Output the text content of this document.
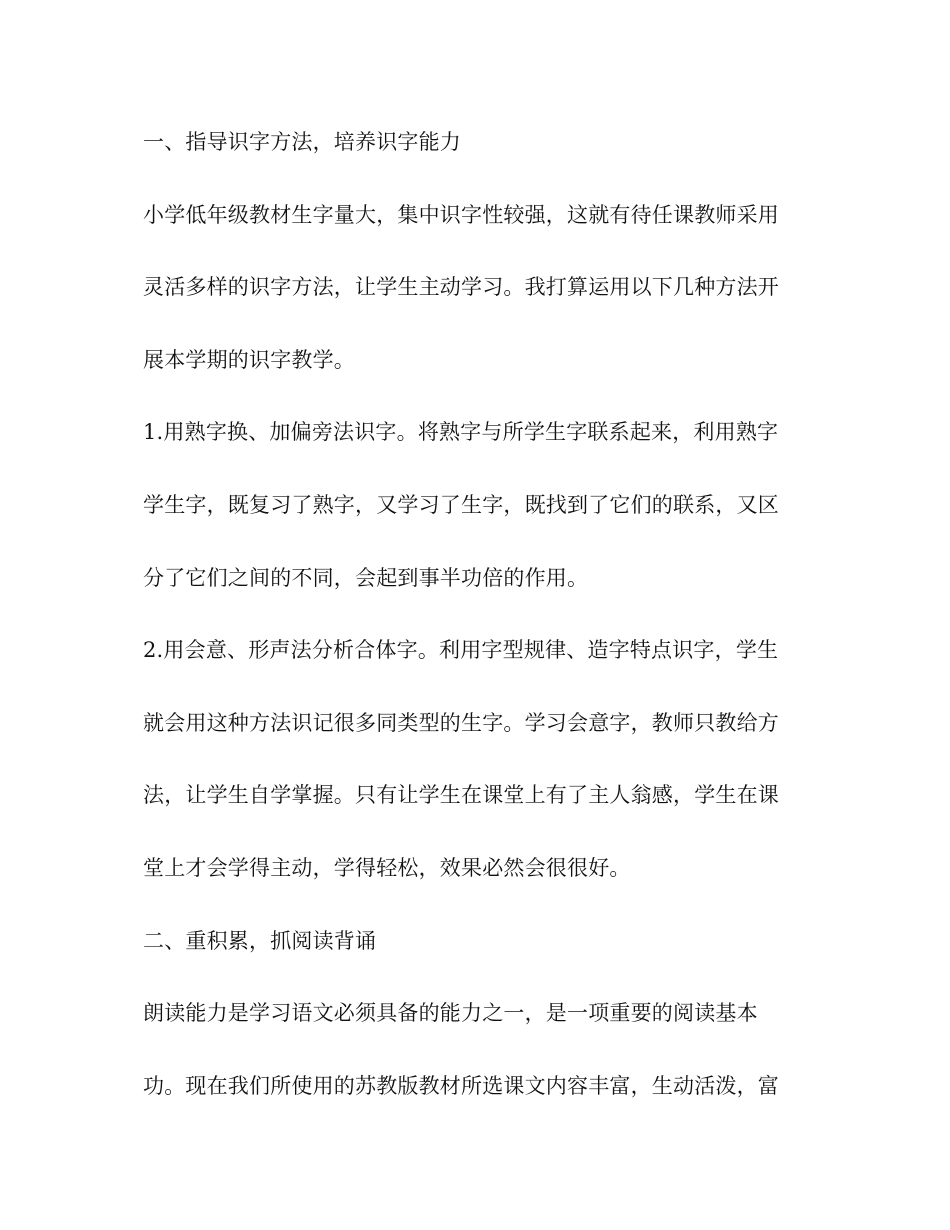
一、指导识字方法，培养识字能力

小学低年级教材生字量大，集中识字性较强，这就有待任课教师采用

灵活多样的识字方法，让学生主动学习。我打算运用以下几种方法开

展本学期的识字教学。

1.用熟字换、加偏旁法识字。将熟字与所学生字联系起来，利用熟字

学生字，既复习了熟字，又学习了生字，既找到了它们的联系，又区

分了它们之间的不同，会起到事半功倍的作用。

2.用会意、形声法分析合体字。利用字型规律、造字特点识字，学生

就会用这种方法识记很多同类型的生字。学习会意字，教师只教给方

法，让学生自学掌握。只有让学生在课堂上有了主人翁感，学生在课

堂上才会学得主动，学得轻松，效果必然会很很好。

二、重积累，抓阅读背诵

朗读能力是学习语文必须具备的能力之一，是一项重要的阅读基本

功。现在我们所使用的苏教版教材所选课文内容丰富，生动活泼，富
